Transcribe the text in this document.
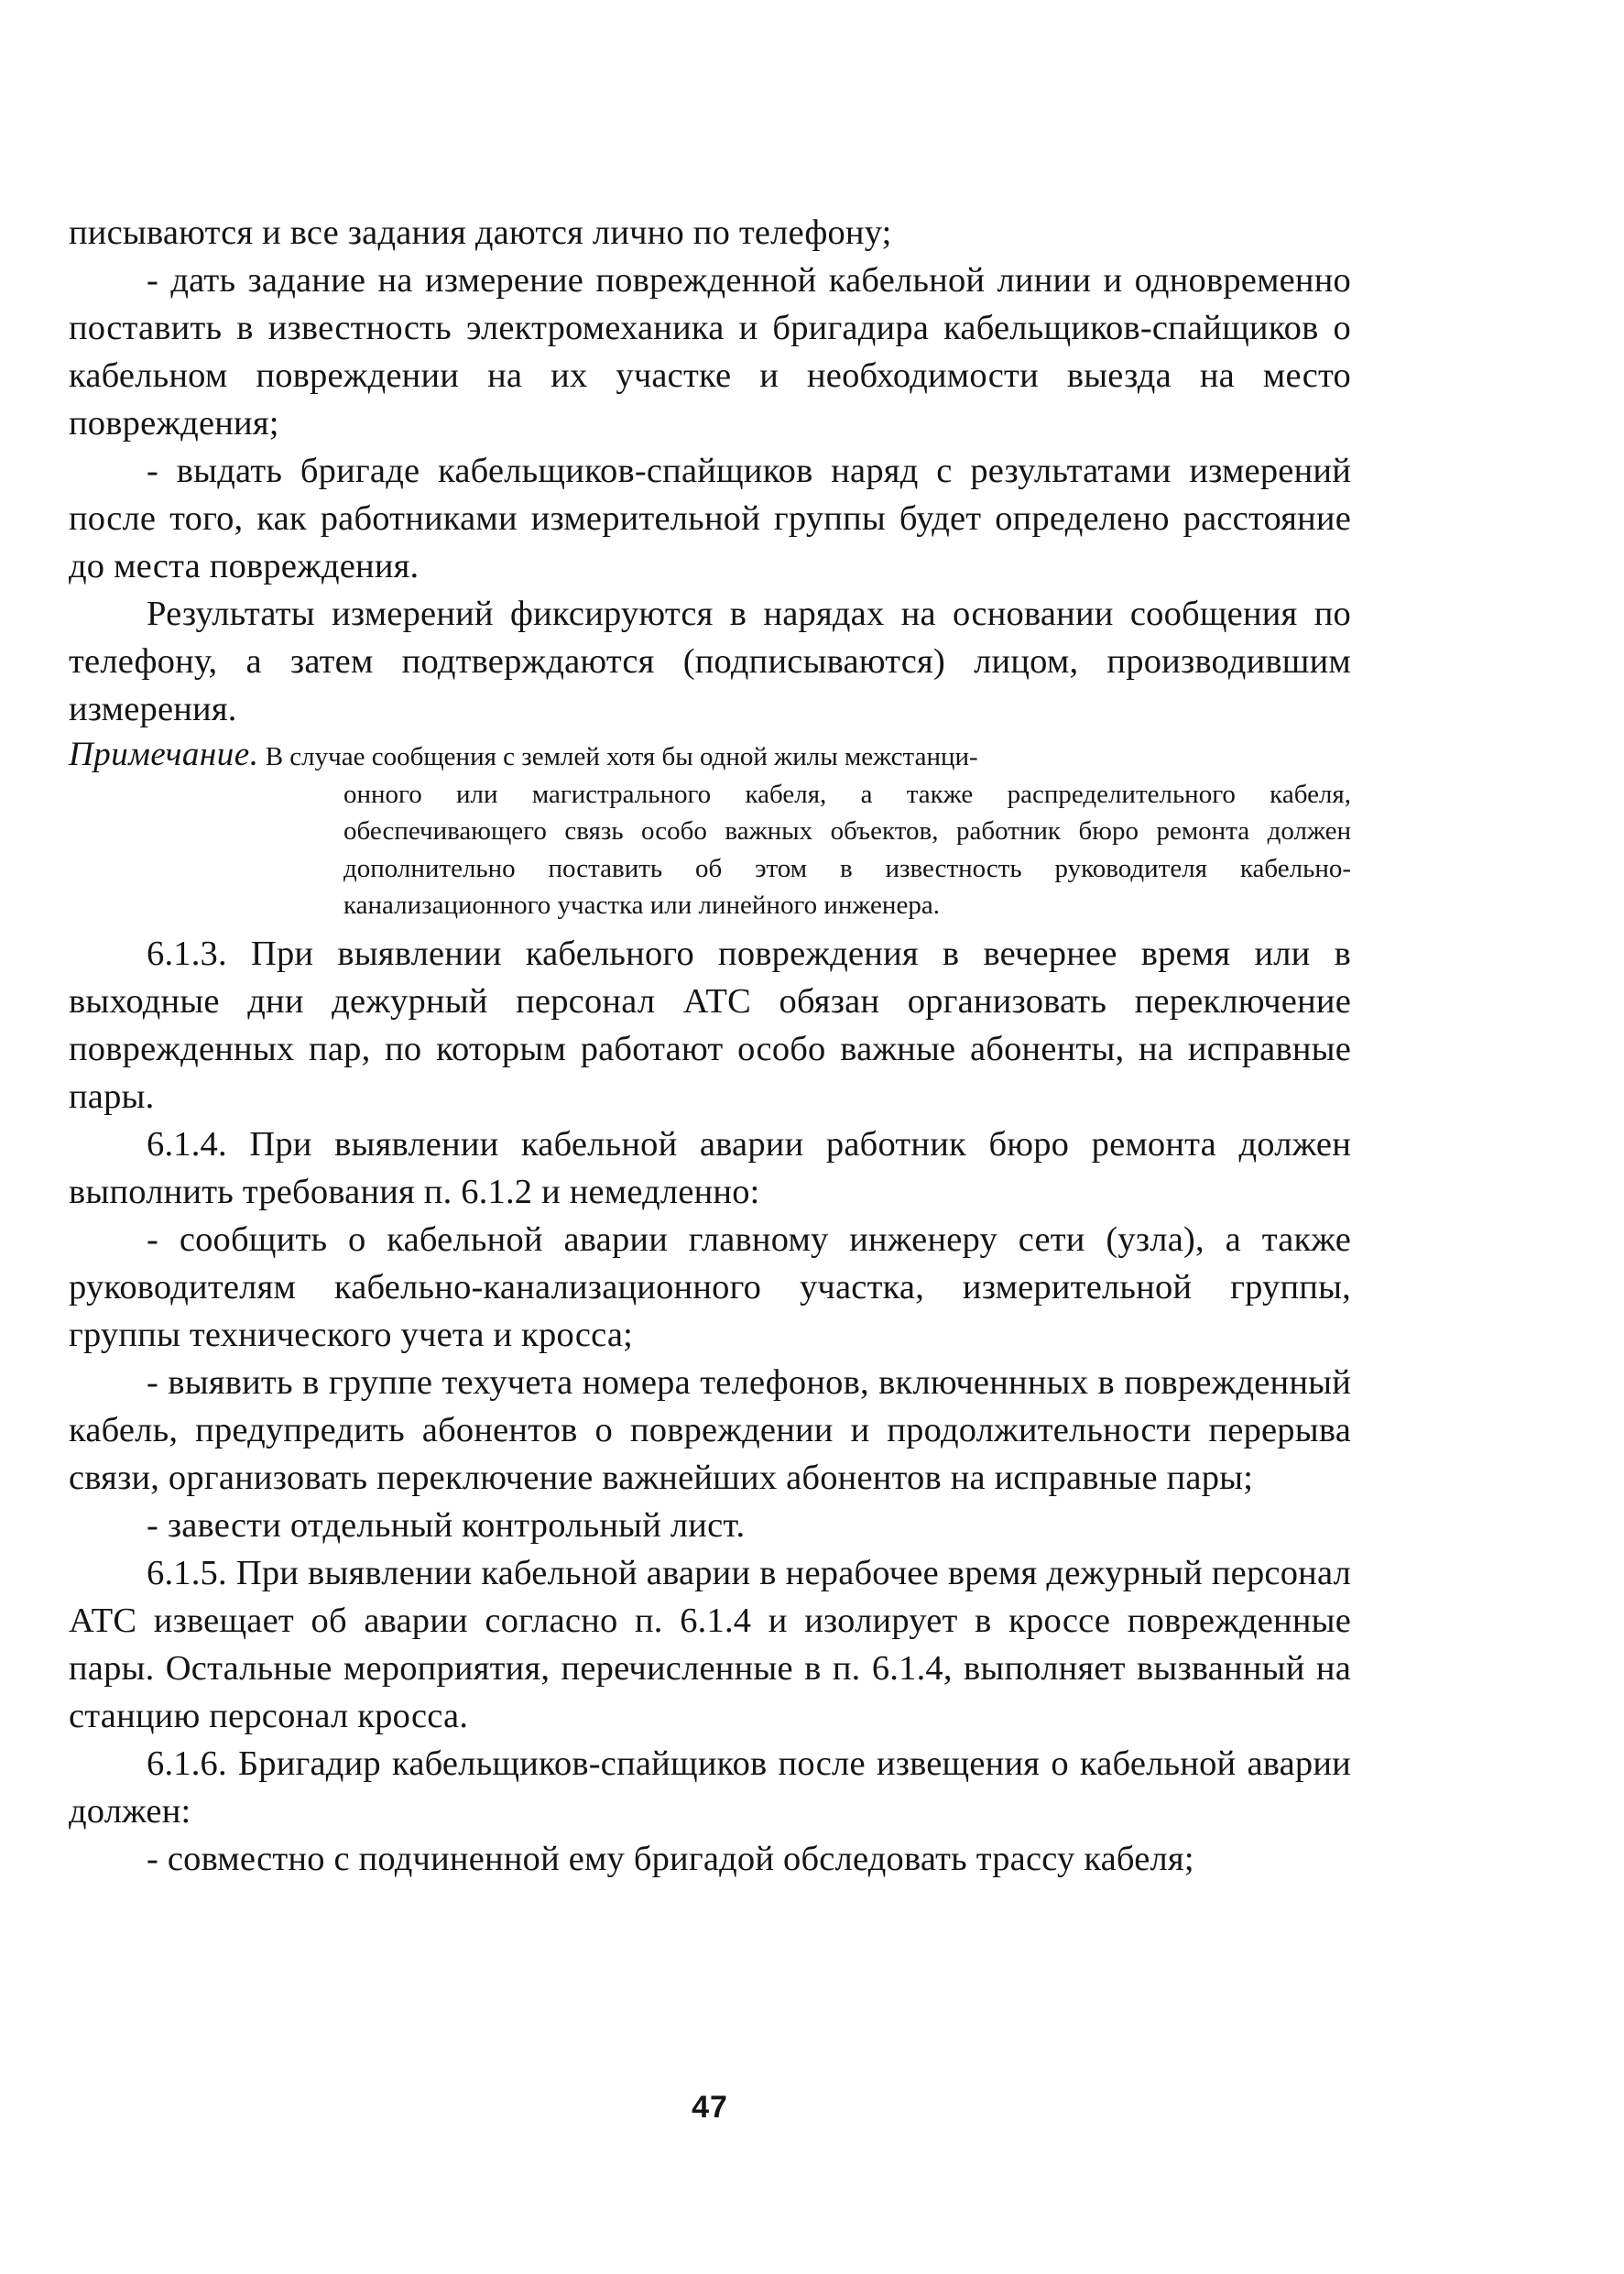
писываются и все задания даются лично по телефону;

- дать задание на измерение поврежденной кабельной линии и одновременно поставить в известность электромеханика и бригадира кабельщиков-спайщиков о кабельном повреждении на их участке и необходимости выезда на место повреждения;

- выдать бригаде кабельщиков-спайщиков наряд с результатами измерений после того, как работниками измерительной группы будет определено расстояние до места повреждения.

Результаты измерений фиксируются в нарядах на основании сообщения по телефону, а затем подтверждаются (подписываются) лицом, производившим измерения.

Примечание. В случае сообщения с землей хотя бы одной жилы межстанци-
онного или магистрального кабеля, а также распределительного кабеля, обеспечивающего связь особо важных объектов, работник бюро ремонта должен дополнительно поставить об этом в известность руководителя кабельно-канализационного участка или линейного инженера.

6.1.3. При выявлении кабельного повреждения в вечернее время или в выходные дни дежурный персонал АТС обязан организовать переключение поврежденных пар, по которым работают особо важные абоненты, на исправные пары.

6.1.4. При выявлении кабельной аварии работник бюро ремонта должен выполнить требования п. 6.1.2 и немедленно:

- сообщить о кабельной аварии главному инженеру сети (узла), а также руководителям кабельно-канализационного участка, измерительной группы, группы технического учета и кросса;

- выявить в группе техучета номера телефонов, включеннных в поврежденный кабель, предупредить абонентов о повреждении и продолжительности перерыва связи, организовать переключение важнейших абонентов на исправные пары;

- завести отдельный контрольный лист.

6.1.5. При выявлении кабельной аварии в нерабочее время дежурный персонал АТС извещает об аварии согласно п. 6.1.4 и изолирует в кроссе поврежденные пары. Остальные мероприятия, перечисленные в п. 6.1.4, выполняет вызванный на станцию персонал кросса.

6.1.6. Бригадир кабельщиков-спайщиков после извещения о кабельной аварии должен:

- совместно с подчиненной ему бригадой обследовать трассу кабеля;

47
